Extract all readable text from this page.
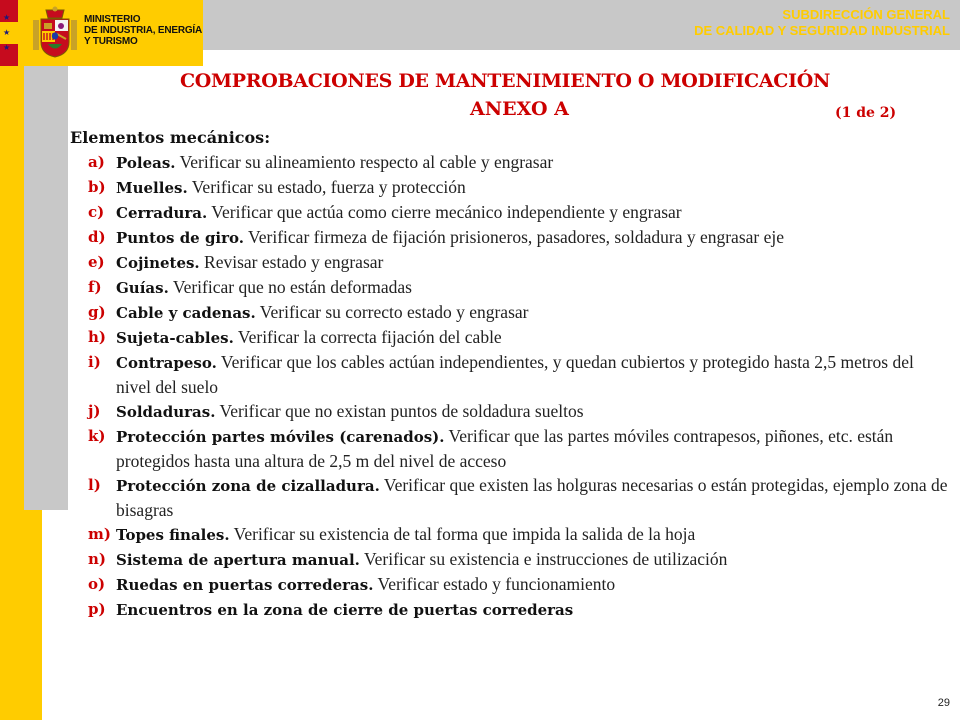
MINISTERIO
DE INDUSTRIA, ENERGÍA
Y TURISMO
★
★
★
SUBDIRECCIÓN GENERAL
DE CALIDAD Y SEGURIDAD INDUSTRIAL
COMPROBACIONES DE MANTENIMIENTO O MODIFICACIÓN
ANEXO A	(1 de 2)
Elementos mecánicos:
a) Poleas. Verificar su alineamiento respecto al cable y engrasar
b) Muelles. Verificar su estado, fuerza y protección
c) Cerradura. Verificar que actúa como cierre mecánico independiente y engrasar
d) Puntos de giro. Verificar firmeza de fijación prisioneros, pasadores, soldadura y engrasar eje
e) Cojinetes. Revisar estado y engrasar
f) Guías. Verificar que no están deformadas
g) Cable y cadenas. Verificar su correcto estado y engrasar
h) Sujeta-cables. Verificar la correcta fijación del cable
i)	Contrapeso. Verificar que los cables actúan independientes, y quedan cubiertos y protegido hasta 2,5 metros del nivel del suelo
j)	Soldaduras. Verificar que no existan puntos de soldadura sueltos
k) Protección partes móviles (carenados). Verificar que las partes móviles contrapesos, piñones, etc. están protegidos hasta una altura de 2,5 m del nivel de acceso
l)	Protección zona de cizalladura. Verificar que existen las holguras necesarias o están protegidas, ejemplo zona de bisagras
m) Topes finales. Verificar su existencia de tal forma que impida la salida de la hoja
n) Sistema de apertura manual. Verificar su existencia e instrucciones de utilización
o) Ruedas en puertas correderas. Verificar estado y funcionamiento
p) Encuentros en la zona de cierre de puertas correderas
29
